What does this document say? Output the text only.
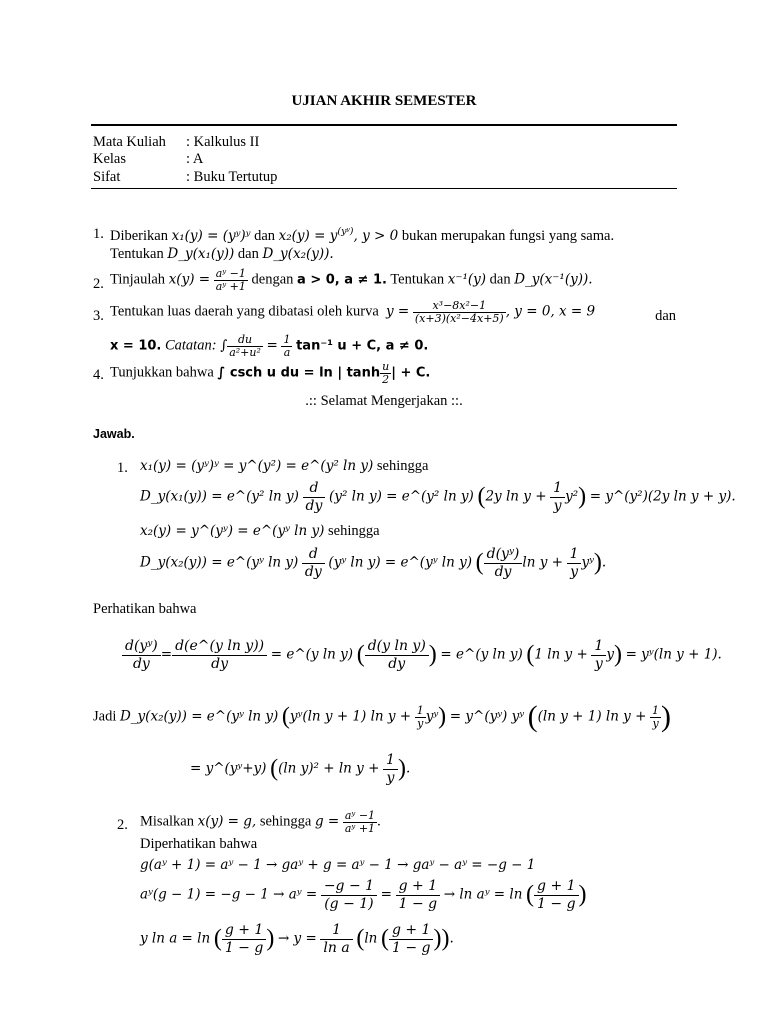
UJIAN AKHIR SEMESTER
Mata Kuliah : Kalkulus II
Kelas	: A
Sifat	: Buku Tertutup
1. Diberikan x₁(y) = (yʸ)ʸ dan $x_2(y) = y^{(yʸ)}$, y > 0 bukan merupakan fungsi yang sama.
Tentukan D_y(x₁(y)) dan D_y(x₂(y)).
2. Tinjaulah $x(y) = \frac{\text{aʸ −1}}{\text{aʸ +1}}$ dengan a > 0, a ≠ 1. Tentukan x⁻¹(y) dan D_y(x⁻¹(y)).
3. Tentukan luas daerah yang dibatasi oleh kurva $y = \frac{\text{x³−8x²−1}}{\text{(x+3)(x²−4x+5)}}$ , y = 0, x = 9	dan
x = 10. Catatan: ∫ $\frac{du}{\text{a²+u²}} = \frac{1}{a} \tan^{-1}$ u + C, a ≠ 0.
4. Tunjukkan bahwa ∫ csch u du = ln | $\tanh \frac{u}{2}$ | + C.
.:: Selamat Mengerjakan ::.
Jawab.
1. x₁(y) = (yʸ)ʸ = y^(y²) = e^(y² ln y) sehingga
D_y(x₁(y)) = e^(y² $\ln y) \frac{d}{dy} (y^2$ ln y) = e^(y² ln y) (2y $\ln y + \frac{1}{y} y^2$) = y^(y²)(2y ln y + y).
x₂(y) = y^(yʸ) = e^(yʸ ln y) sehingga
D_y(x₂(y)) = e^(yʸ $\ln y) \frac{d}{dy}$ (yʸ ln y) = e^(yʸ ln y) ( $\frac{\text{d(yʸ)}}{dy}$ $\ln y + \frac{1}{y}$ yʸ).
Perhatikan bahwa
$\frac{\text{d(yʸ)}}{dy} = \frac{\text{d(e\textasciicircum{}(y ln y))}}{dy}$ = e^(y ln y) ( $\frac{\text{d(y ln y)}}{dy}$ ) = e^(y ln y) (1 $\ln y + \frac{1}{y} y$) = yʸ(ln y + 1).
Jadi D_y(x₂(y)) = e^(yʸ ln y) (yʸ(ln y + 1) $\ln y + \frac{1}{y}$ yʸ) = y^(yʸ) yʸ ((ln y + 1) $\ln y + \frac{1}{y}$ )
= y^(yʸ+y) ((ln $y)^2 + \ln y + \frac{1}{y}$ ).
2. Misalkan x(y) = g, sehingga $g = \frac{\text{aʸ −1}}{\text{aʸ +1}}$ .
Diperhatikan bahwa
g(aʸ + 1) = aʸ − 1 → gaʸ + g = aʸ − 1 → gaʸ − aʸ = −g − 1
aʸ(g − 1) = −g − 1 → aʸ = $\frac{-g - 1}{(g - 1)} = \frac{g + 1}{1 - g} \to \ln$ aʸ = ln ( $\frac{g + 1}{1 - g}$ )
y ln a = ln ( $\frac{g + 1}{1 - g}$ ) → $y = \frac{1}{\text{ln a}} (\ln$ ( $\frac{g + 1}{1 - g}$ )).
